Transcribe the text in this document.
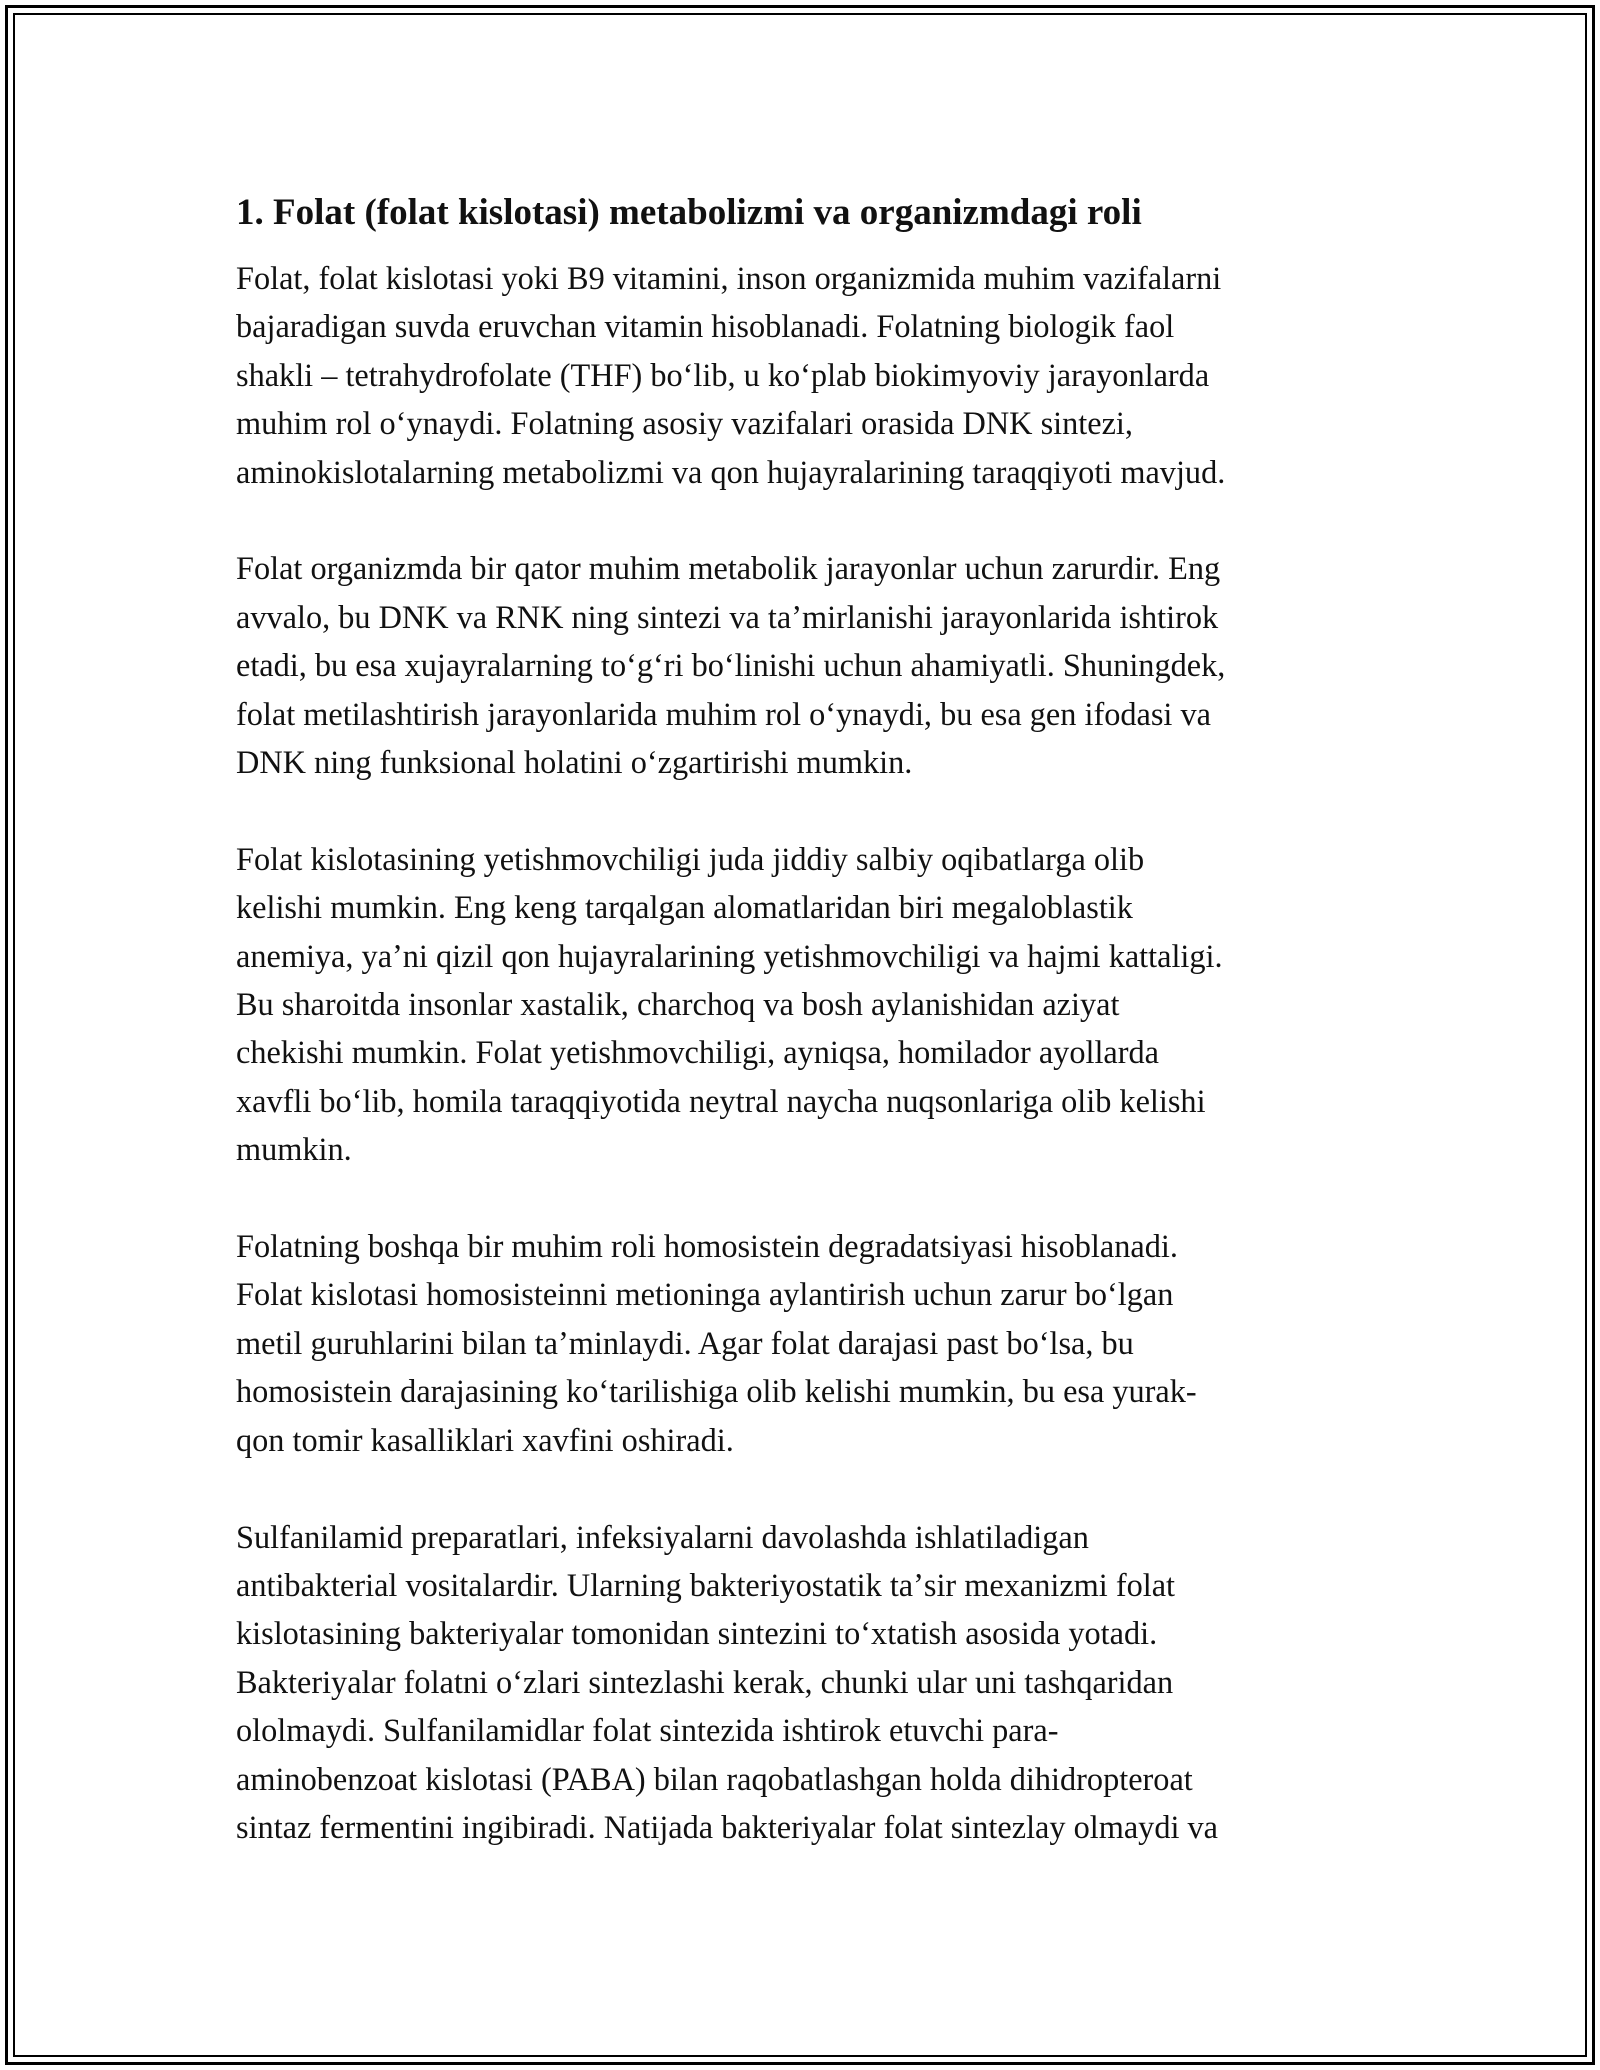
1. Folat (folat kislotasi) metabolizmi va organizmdagi roli

Folat, folat kislotasi yoki B9 vitamini, inson organizmida muhim vazifalarni
bajaradigan suvda eruvchan vitamin hisoblanadi. Folatning biologik faol
shakli – tetrahydrofolate (THF) boʻlib, u koʻplab biokimyoviy jarayonlarda
muhim rol oʻynaydi. Folatning asosiy vazifalari orasida DNK sintezi,
aminokislotalarning metabolizmi va qon hujayralarining taraqqiyoti mavjud.

Folat organizmda bir qator muhim metabolik jarayonlar uchun zarurdir. Eng
avvalo, bu DNK va RNK ning sintezi va taʼmirlanishi jarayonlarida ishtirok
etadi, bu esa xujayralarning toʻgʻri boʻlinishi uchun ahamiyatli. Shuningdek,
folat metilashtirish jarayonlarida muhim rol oʻynaydi, bu esa gen ifodasi va
DNK ning funksional holatini oʻzgartirishi mumkin.

Folat kislotasining yetishmovchiligi juda jiddiy salbiy oqibatlarga olib
kelishi mumkin. Eng keng tarqalgan alomatlaridan biri megaloblastik
anemiya, yaʼni qizil qon hujayralarining yetishmovchiligi va hajmi kattaligi.
Bu sharoitda insonlar xastalik, charchoq va bosh aylanishidan aziyat
chekishi mumkin. Folat yetishmovchiligi, ayniqsa, homilador ayollarda
xavfli boʻlib, homila taraqqiyotida neytral naycha nuqsonlariga olib kelishi
mumkin.

Folatning boshqa bir muhim roli homosistein degradatsiyasi hisoblanadi.
Folat kislotasi homosisteinni metioninga aylantirish uchun zarur boʻlgan
metil guruhlarini bilan taʼminlaydi. Agar folat darajasi past boʻlsa, bu
homosistein darajasining koʻtarilishiga olib kelishi mumkin, bu esa yurak-
qon tomir kasalliklari xavfini oshiradi.

Sulfanilamid preparatlari, infeksiyalarni davolashda ishlatiladigan
antibakterial vositalardir. Ularning bakteriyostatik taʼsir mexanizmi folat
kislotasining bakteriyalar tomonidan sintezini toʻxtatish asosida yotadi.
Bakteriyalar folatni oʻzlari sintezlashi kerak, chunki ular uni tashqaridan
ololmaydi. Sulfanilamidlar folat sintezida ishtirok etuvchi para-
aminobenzoat kislotasi (PABA) bilan raqobatlashgan holda dihidropteroat
sintaz fermentini ingibiradi. Natijada bakteriyalar folat sintezlay olmaydi va
